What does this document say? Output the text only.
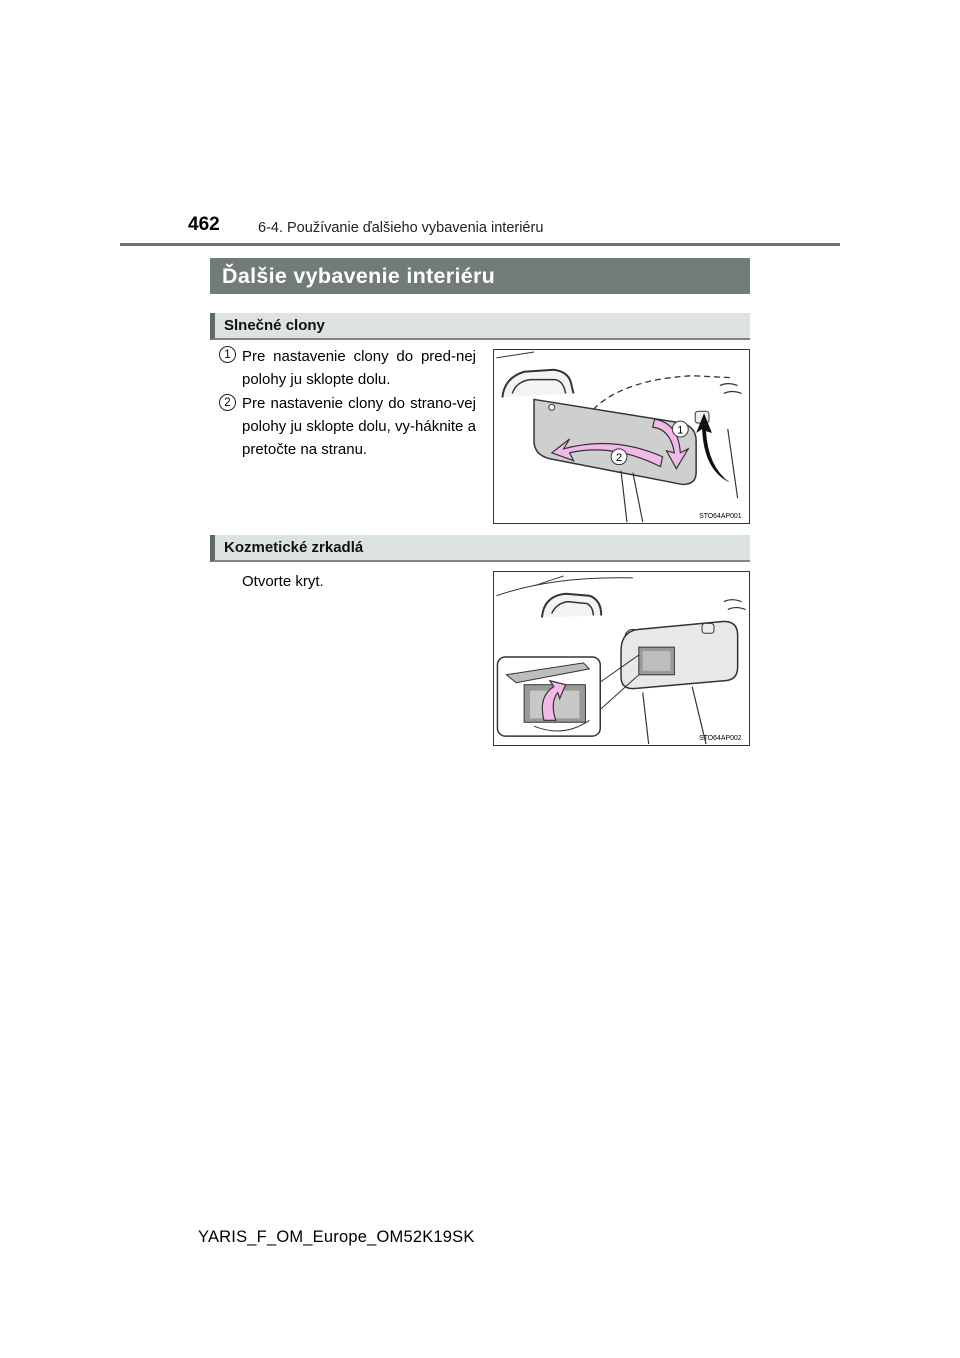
462	6-4. Používanie ďalšieho vybavenia interiéru
Ďalšie vybavenie interiéru
Slnečné clony
1 Pre nastavenie clony do pred-nej polohy ju sklopte dolu.
2 Pre nastavenie clony do strano-vej polohy ju sklopte dolu, vy-háknite a pretočte na stranu.
1
2
STO64AP001
Kozmetické zrkadlá
Otvorte kryt.
STO64AP002
YARIS_F_OM_Europe_OM52K19SK
